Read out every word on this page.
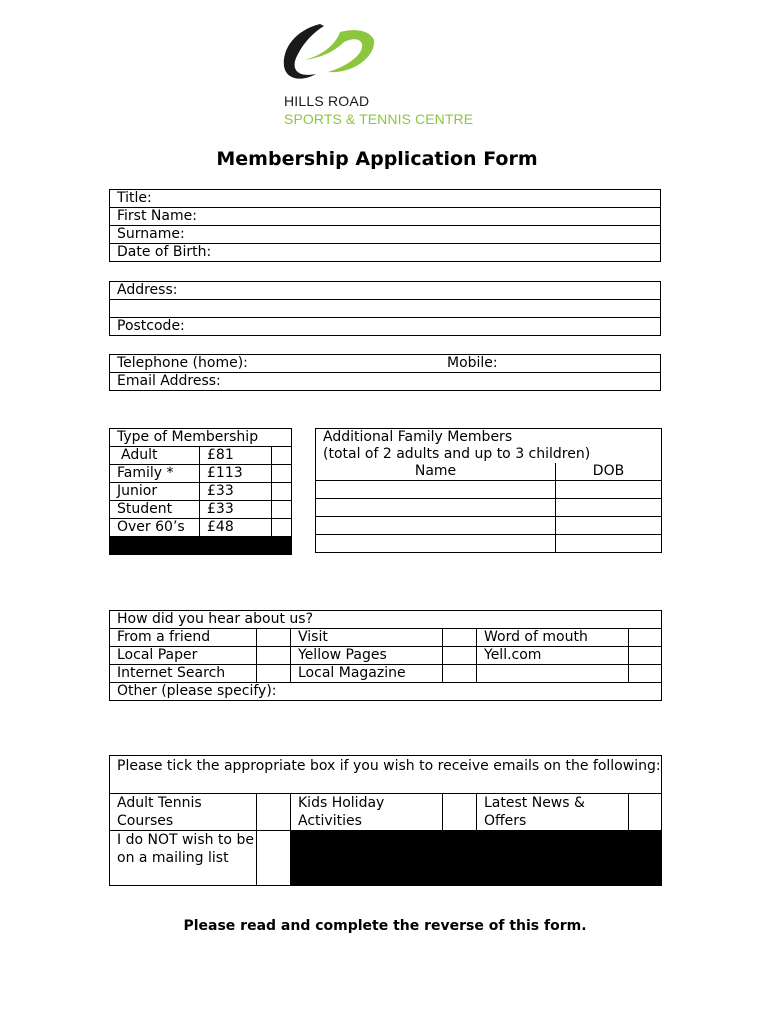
HILLS ROAD
SPORTS & TENNIS CENTRE
Membership Application Form
Title:
First Name:
Surname:
Date of Birth:
Address:

Postcode:
Telephone (home):	Mobile:

Email Address:
Type of Membership		
Adult	£81	
Family *	£113	
Junior	£33	
Student	£33	
Over 60’s	£48	

Additional Family Members	
(total of 2 adults and up to 3 children)	
Name	DOB

How did you hear about us?					
From a friend		Visit		Word of mouth	
Local Paper		Yellow Pages		Yell.com	
Internet Search		Local Magazine			
Other (please specify):					
Please tick the appropriate box if you wish to receive emails on the following:					
Adult Tennis Courses		Kids Holiday Activities		Latest News & Offers	
I do NOT wish to be on a mailing list					
Please read and complete the reverse of this form.
